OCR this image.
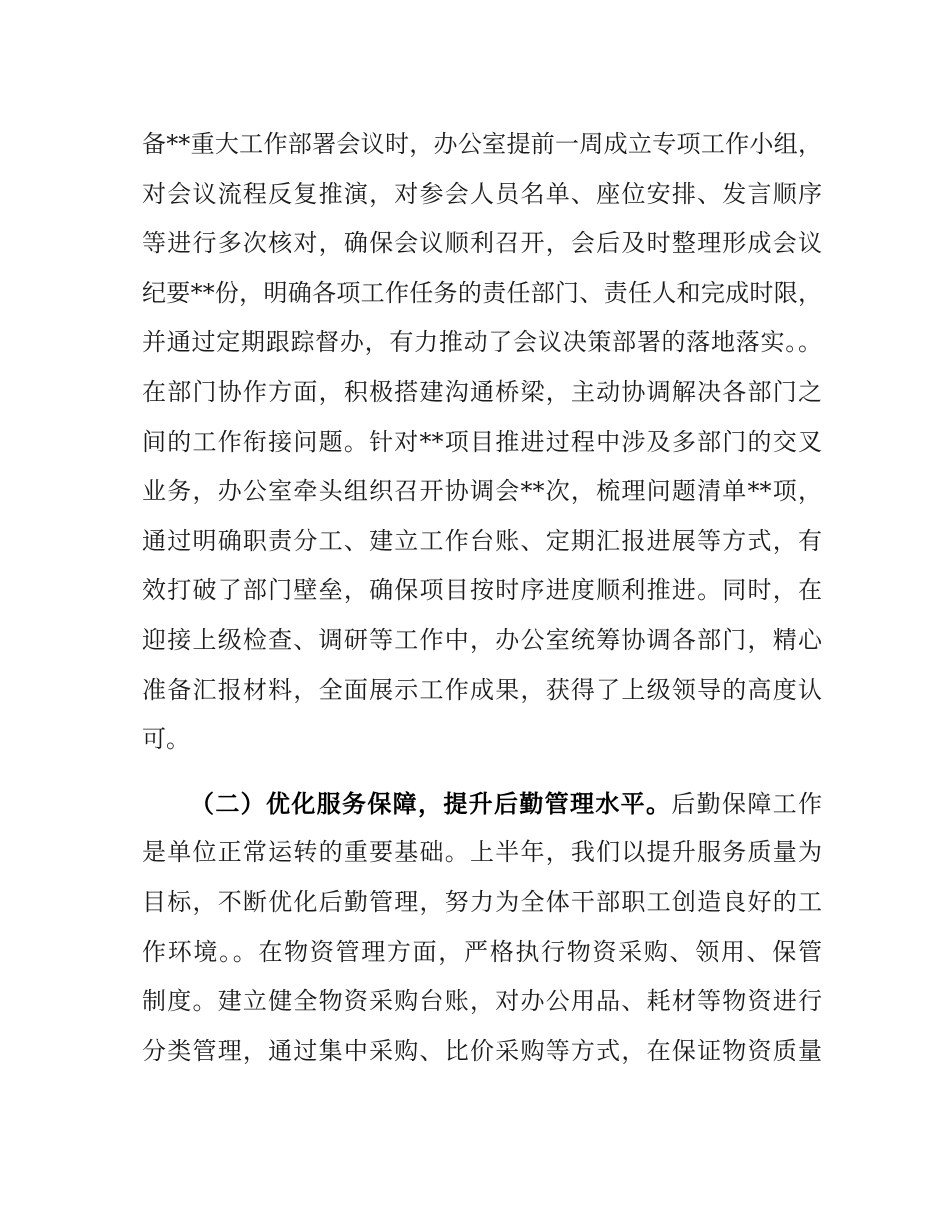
备**重大工作部署会议时，办公室提前一周成立专项工作小组，
对会议流程反复推演，对参会人员名单、座位安排、发言顺序
等进行多次核对，确保会议顺利召开，会后及时整理形成会议
纪要**份，明确各项工作任务的责任部门、责任人和完成时限，
并通过定期跟踪督办，有力推动了会议决策部署的落地落实。。
在部门协作方面，积极搭建沟通桥梁，主动协调解决各部门之
间的工作衔接问题。针对**项目推进过程中涉及多部门的交叉
业务，办公室牵头组织召开协调会**次，梳理问题清单**项，
通过明确职责分工、建立工作台账、定期汇报进展等方式，有
效打破了部门壁垒，确保项目按时序进度顺利推进。同时，在
迎接上级检查、调研等工作中，办公室统筹协调各部门，精心
准备汇报材料，全面展示工作成果，获得了上级领导的高度认
可。
（二）优化服务保障，提升后勤管理水平。后勤保障工作
是单位正常运转的重要基础。上半年，我们以提升服务质量为
目标，不断优化后勤管理，努力为全体干部职工创造良好的工
作环境。。在物资管理方面，严格执行物资采购、领用、保管
制度。建立健全物资采购台账，对办公用品、耗材等物资进行
分类管理，通过集中采购、比价采购等方式，在保证物资质量
